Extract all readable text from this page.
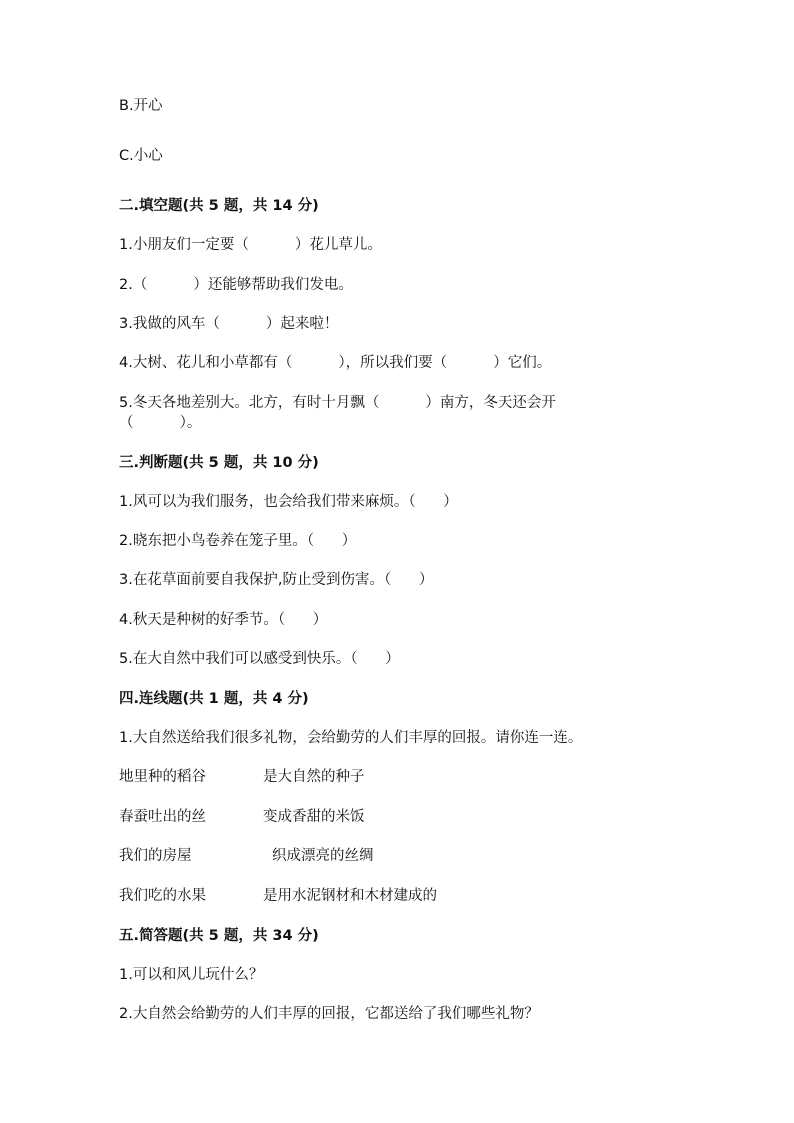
B.开心
C.小心
二.填空题(共 5 题，共 14 分)
1.小朋友们一定要（          ）花儿草儿。
2.（          ）还能够帮助我们发电。
3.我做的风车（          ）起来啦！
4.大树、花儿和小草都有（          ），所以我们要（          ）它们。
5.冬天各地差别大。北方，有时十月飘（          ）南方，冬天还会开
（          ）。
三.判断题(共 5 题，共 10 分)
1.风可以为我们服务，也会给我们带来麻烦。（      ）
2.晓东把小鸟卷养在笼子里。（      ）
3.在花草面前要自我保护,防止受到伤害。（      ）
4.秋天是种树的好季节。（      ）
5.在大自然中我们可以感受到快乐。（      ）
四.连线题(共 1 题，共 4 分)
1.大自然送给我们很多礼物，会给勤劳的人们丰厚的回报。请你连一连。
地里种的稻谷	是大自然的种子
春蚕吐出的丝	变成香甜的米饭
我们的房屋	织成漂亮的丝绸
我们吃的水果	是用水泥钢材和木材建成的
五.简答题(共 5 题，共 34 分)
1.可以和风儿玩什么？
2.大自然会给勤劳的人们丰厚的回报，它都送给了我们哪些礼物？
